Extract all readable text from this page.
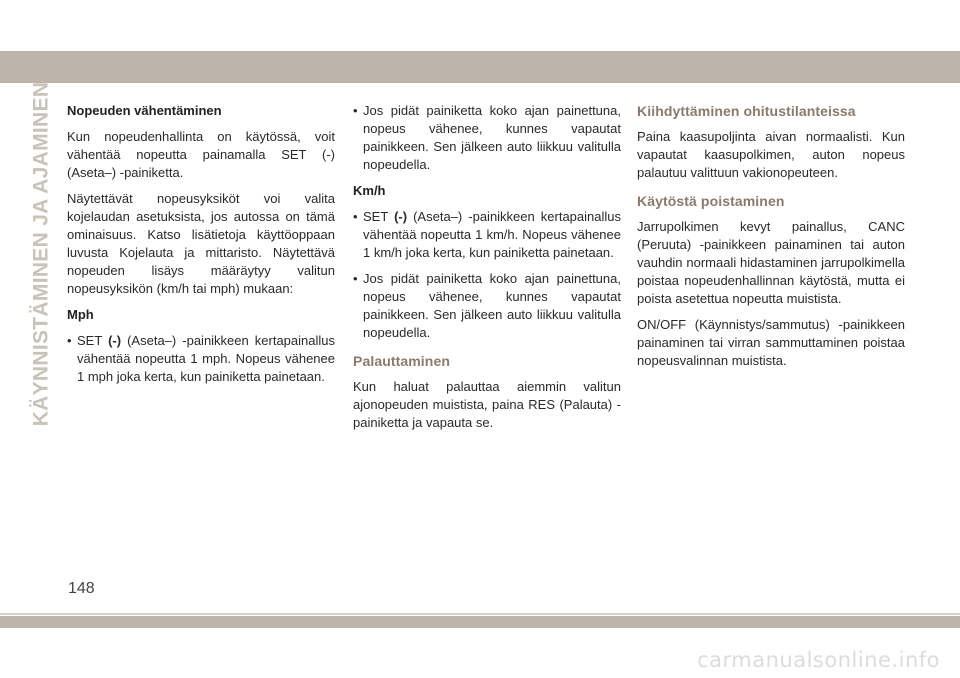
KÄYNNISTÄMINEN JA AJAMINEN Nopeuden vähentäminen

Kun nopeudenhallinta on käytössä, voit vähentää nopeutta painamalla SET (-) (Aseta–) -painiketta.

Näytettävät nopeusyksiköt voi valita kojelaudan asetuksista, jos autossa on tämä ominaisuus. Katso lisätietoja käyttöoppaan luvusta Kojelauta ja mittaristo. Näytettävä nopeuden lisäys määräytyy valitun nopeusyksikön (km/h tai mph) mukaan:

Mph
• SET (-) (Aseta–) -painikkeen kertapainallus vähentää nopeutta 1 mph. Nopeus vähenee 1 mph joka kerta, kun painiketta painetaan.
• Jos pidät painiketta koko ajan painettuna, nopeus vähenee, kunnes vapautat painikkeen. Sen jälkeen auto liikkuu valitulla nopeudella.
Km/h
• SET (-) (Aseta–) -painikkeen kertapainallus vähentää nopeutta 1 km/h. Nopeus vähenee 1 km/h joka kerta, kun painiketta painetaan.
• Jos pidät painiketta koko ajan painettuna, nopeus vähenee, kunnes vapautat painikkeen. Sen jälkeen auto liikkuu valitulla nopeudella.
Palauttaminen

Kun haluat palauttaa aiemmin valitun ajonopeuden muistista, paina RES (Palauta) -painiketta ja vapauta se.

Kiihdyttäminen ohitustilanteissa

Paina kaasupoljinta aivan normaalisti. Kun vapautat kaasupolkimen, auton nopeus palautuu valittuun vakionopeuteen.

Käytöstä poistaminen

Jarrupolkimen kevyt painallus, CANC (Peruuta) -painikkeen painaminen tai auton vauhdin normaali hidastaminen jarrupolkimella poistaa nopeudenhallinnan käytöstä, mutta ei poista asetettua nopeutta muistista.

ON/OFF (Käynnistys/sammutus) -painikkeen painaminen tai virran sammuttaminen poistaa nopeusvalinnan muistista.

148
carmanualsonline.info
